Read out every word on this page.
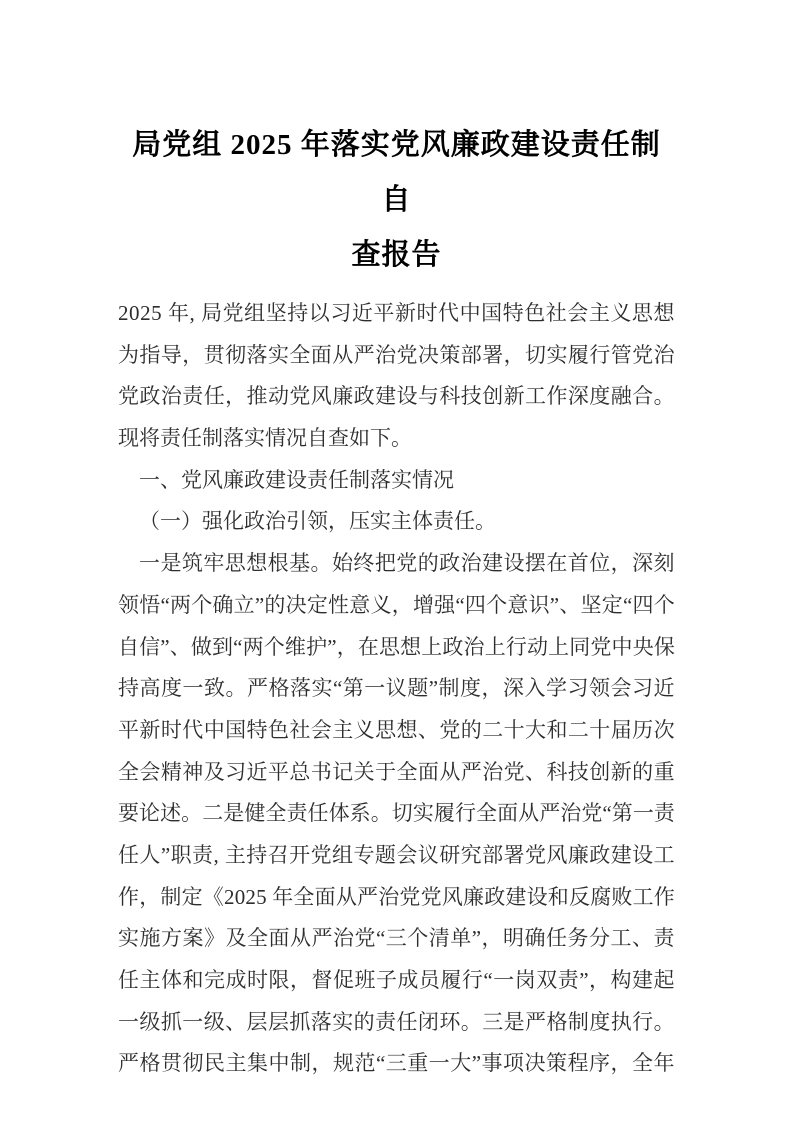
局党组 2025 年落实党风廉政建设责任制自
查报告
2025 年, 局党组坚持以习近平新时代中国特色社会主义思想
为指导，贯彻落实全面从严治党决策部署，切实履行管党治
党政治责任，推动党风廉政建设与科技创新工作深度融合。
现将责任制落实情况自查如下。
一、党风廉政建设责任制落实情况
（一）强化政治引领，压实主体责任。
一是筑牢思想根基。始终把党的政治建设摆在首位，深刻
领悟“两个确立”的决定性意义，增强“四个意识”、坚定“四个
自信”、做到“两个维护”，在思想上政治上行动上同党中央保
持高度一致。严格落实“第一议题”制度，深入学习领会习近
平新时代中国特色社会主义思想、党的二十大和二十届历次
全会精神及习近平总书记关于全面从严治党、科技创新的重
要论述。二是健全责任体系。切实履行全面从严治党“第一责
任人”职责, 主持召开党组专题会议研究部署党风廉政建设工
作，制定《2025 年全面从严治党党风廉政建设和反腐败工作
实施方案》及全面从严治党“三个清单”，明确任务分工、责
任主体和完成时限，督促班子成员履行“一岗双责”，构建起
一级抓一级、层层抓落实的责任闭环。三是严格制度执行。
严格贯彻民主集中制，规范“三重一大”事项决策程序，全年
